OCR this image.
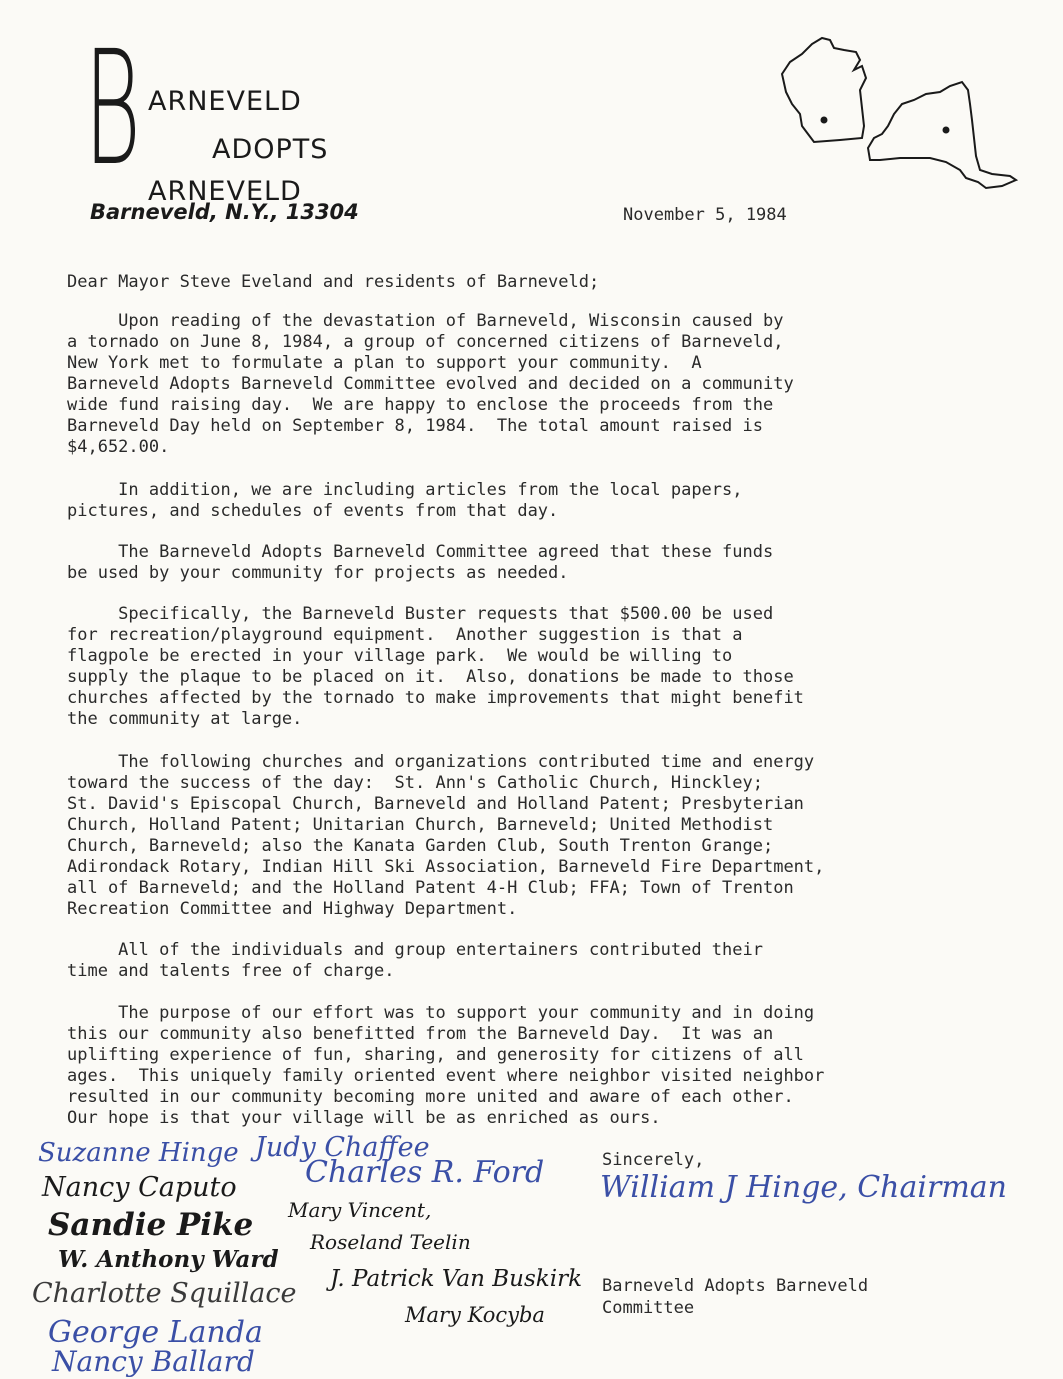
B ARNEVELD
ADOPTS
ARNEVELD
Barneveld, N.Y., 13304	November 5, 1984
Dear Mayor Steve Eveland and residents of Barneveld;

Upon reading of the devastation of Barneveld, Wisconsin caused by
a tornado on June 8, 1984, a group of concerned citizens of Barneveld,
New York met to formulate a plan to support your community.  A
Barneveld Adopts Barneveld Committee evolved and decided on a community
wide fund raising day.  We are happy to enclose the proceeds from the
Barneveld Day held on September 8, 1984.  The total amount raised is
$4,652.00.

In addition, we are including articles from the local papers,
pictures, and schedules of events from that day.

The Barneveld Adopts Barneveld Committee agreed that these funds
be used by your community for projects as needed.

Specifically, the Barneveld Buster requests that $500.00 be used
for recreation/playground equipment.  Another suggestion is that a
flagpole be erected in your village park.  We would be willing to
supply the plaque to be placed on it.  Also, donations be made to those
churches affected by the tornado to make improvements that might benefit
the community at large.

The following churches and organizations contributed time and energy
toward the success of the day:  St. Ann's Catholic Church, Hinckley;
St. David's Episcopal Church, Barneveld and Holland Patent; Presbyterian
Church, Holland Patent; Unitarian Church, Barneveld; United Methodist
Church, Barneveld; also the Kanata Garden Club, South Trenton Grange;
Adirondack Rotary, Indian Hill Ski Association, Barneveld Fire Department,
all of Barneveld; and the Holland Patent 4-H Club; FFA; Town of Trenton
Recreation Committee and Highway Department.

All of the individuals and group entertainers contributed their
time and talents free of charge.

The purpose of our effort was to support your community and in doing
this our community also benefitted from the Barneveld Day.  It was an
uplifting experience of fun, sharing, and generosity for citizens of all
ages.  This uniquely family oriented event where neighbor visited neighbor
resulted in our community becoming more united and aware of each other.
Our hope is that your village will be as enriched as ours.

Sincerely,
William J Hinge, Chairman
Barneveld Adopts Barneveld
Committee
Suzanne Hinge Judy Chaffee
Nancy Caputo Charles R. Ford
Sandie Pike Mary Vincent,
Roseland Teelin
W. Anthony Ward
Charlotte Squillace J. Patrick Van Buskirk
Mary Kocyba
George Landa
Nancy Ballard
